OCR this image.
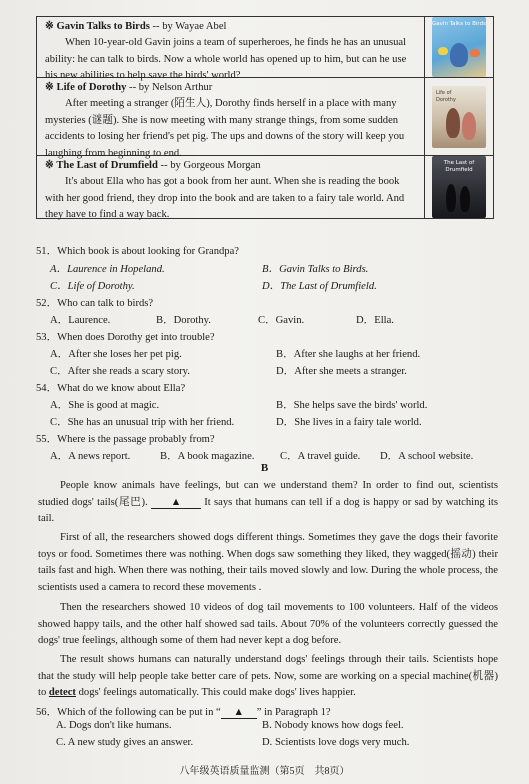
※ Gavin Talks to Birds -- by Wayae Abel
When 10-year-old Gavin joins a team of superheroes, he finds he has an unusual ability: he can talk to birds. Now a whole world has opened up to him, but can he use his new abilities to help save the birds' world?
Gavin Talks to Birds
※ Life of Dorothy -- by Nelson Arthur
After meeting a stranger (陌生人), Dorothy finds herself in a place with many mysteries (谜题). She is now meeting with many strange things, from some sudden accidents to losing her friend's pet pig. The ups and downs of the story will keep you laughing from beginning to end.
Life of Dorothy
※ The Last of Drumfield -- by Gorgeous Morgan
It's about Ella who has got a book from her aunt. When she is reading the book with her good friend, they drop into the book and are taken to a fairy tale world. And they have to find a way back.
The Last of Drumfield
51．Which book is about looking for Grandpa?
A．Laurence in Hopeland.	B．Gavin Talks to Birds.
C．Life of Dorothy.	D．The Last of Drumfield.
52．Who can talk to birds?
A．Laurence.	B．Dorothy.	C．Gavin.	D．Ella.
53．When does Dorothy get into trouble?
A．After she loses her pet pig.	B．After she laughs at her friend.
C．After she reads a scary story.	D．After she meets a stranger.
54．What do we know about Ella?
A．She is good at magic.	B．She helps save the birds' world.
C．She has an unusual trip with her friend.	D．She lives in a fairy tale world.
55．Where is the passage probably from?
A．A news report.	B．A book magazine. C．A travel guide. D．A school website.
B
People know animals have feelings, but can we understand them? In order to find out, scientists studied dogs' tails(尾巴). ▲ It says that humans can tell if a dog is happy or sad by watching its tail.
First of all, the researchers showed dogs different things. Sometimes they gave the dogs their favorite toys or food. Sometimes there was nothing. When dogs saw something they liked, they wagged(摇动) their tails fast and high. When there was nothing, their tails moved slowly and low. During the whole process, the scientists used a camera to record these movements .
Then the researchers showed 10 videos of dog tail movements to 100 volunteers. Half of the videos showed happy tails, and the other half showed sad tails. About 70% of the volunteers correctly guessed the dogs' true feelings, although some of them had never kept a dog before.
The result shows humans can naturally understand dogs' feelings through their tails. Scientists hope that the study will help people take better care of pets. Now, some are working on a special machine(机器) to detect dogs' feelings automatically. This could make dogs' lives happier.
56．Which of the following can be put in “ ▲ ” in Paragraph 1?
A. Dogs don't like humans.	B. Nobody knows how dogs feel.
C. A new study gives an answer.	D. Scientists love dogs very much.
八年级英语质量监测（第5页　共8页）
